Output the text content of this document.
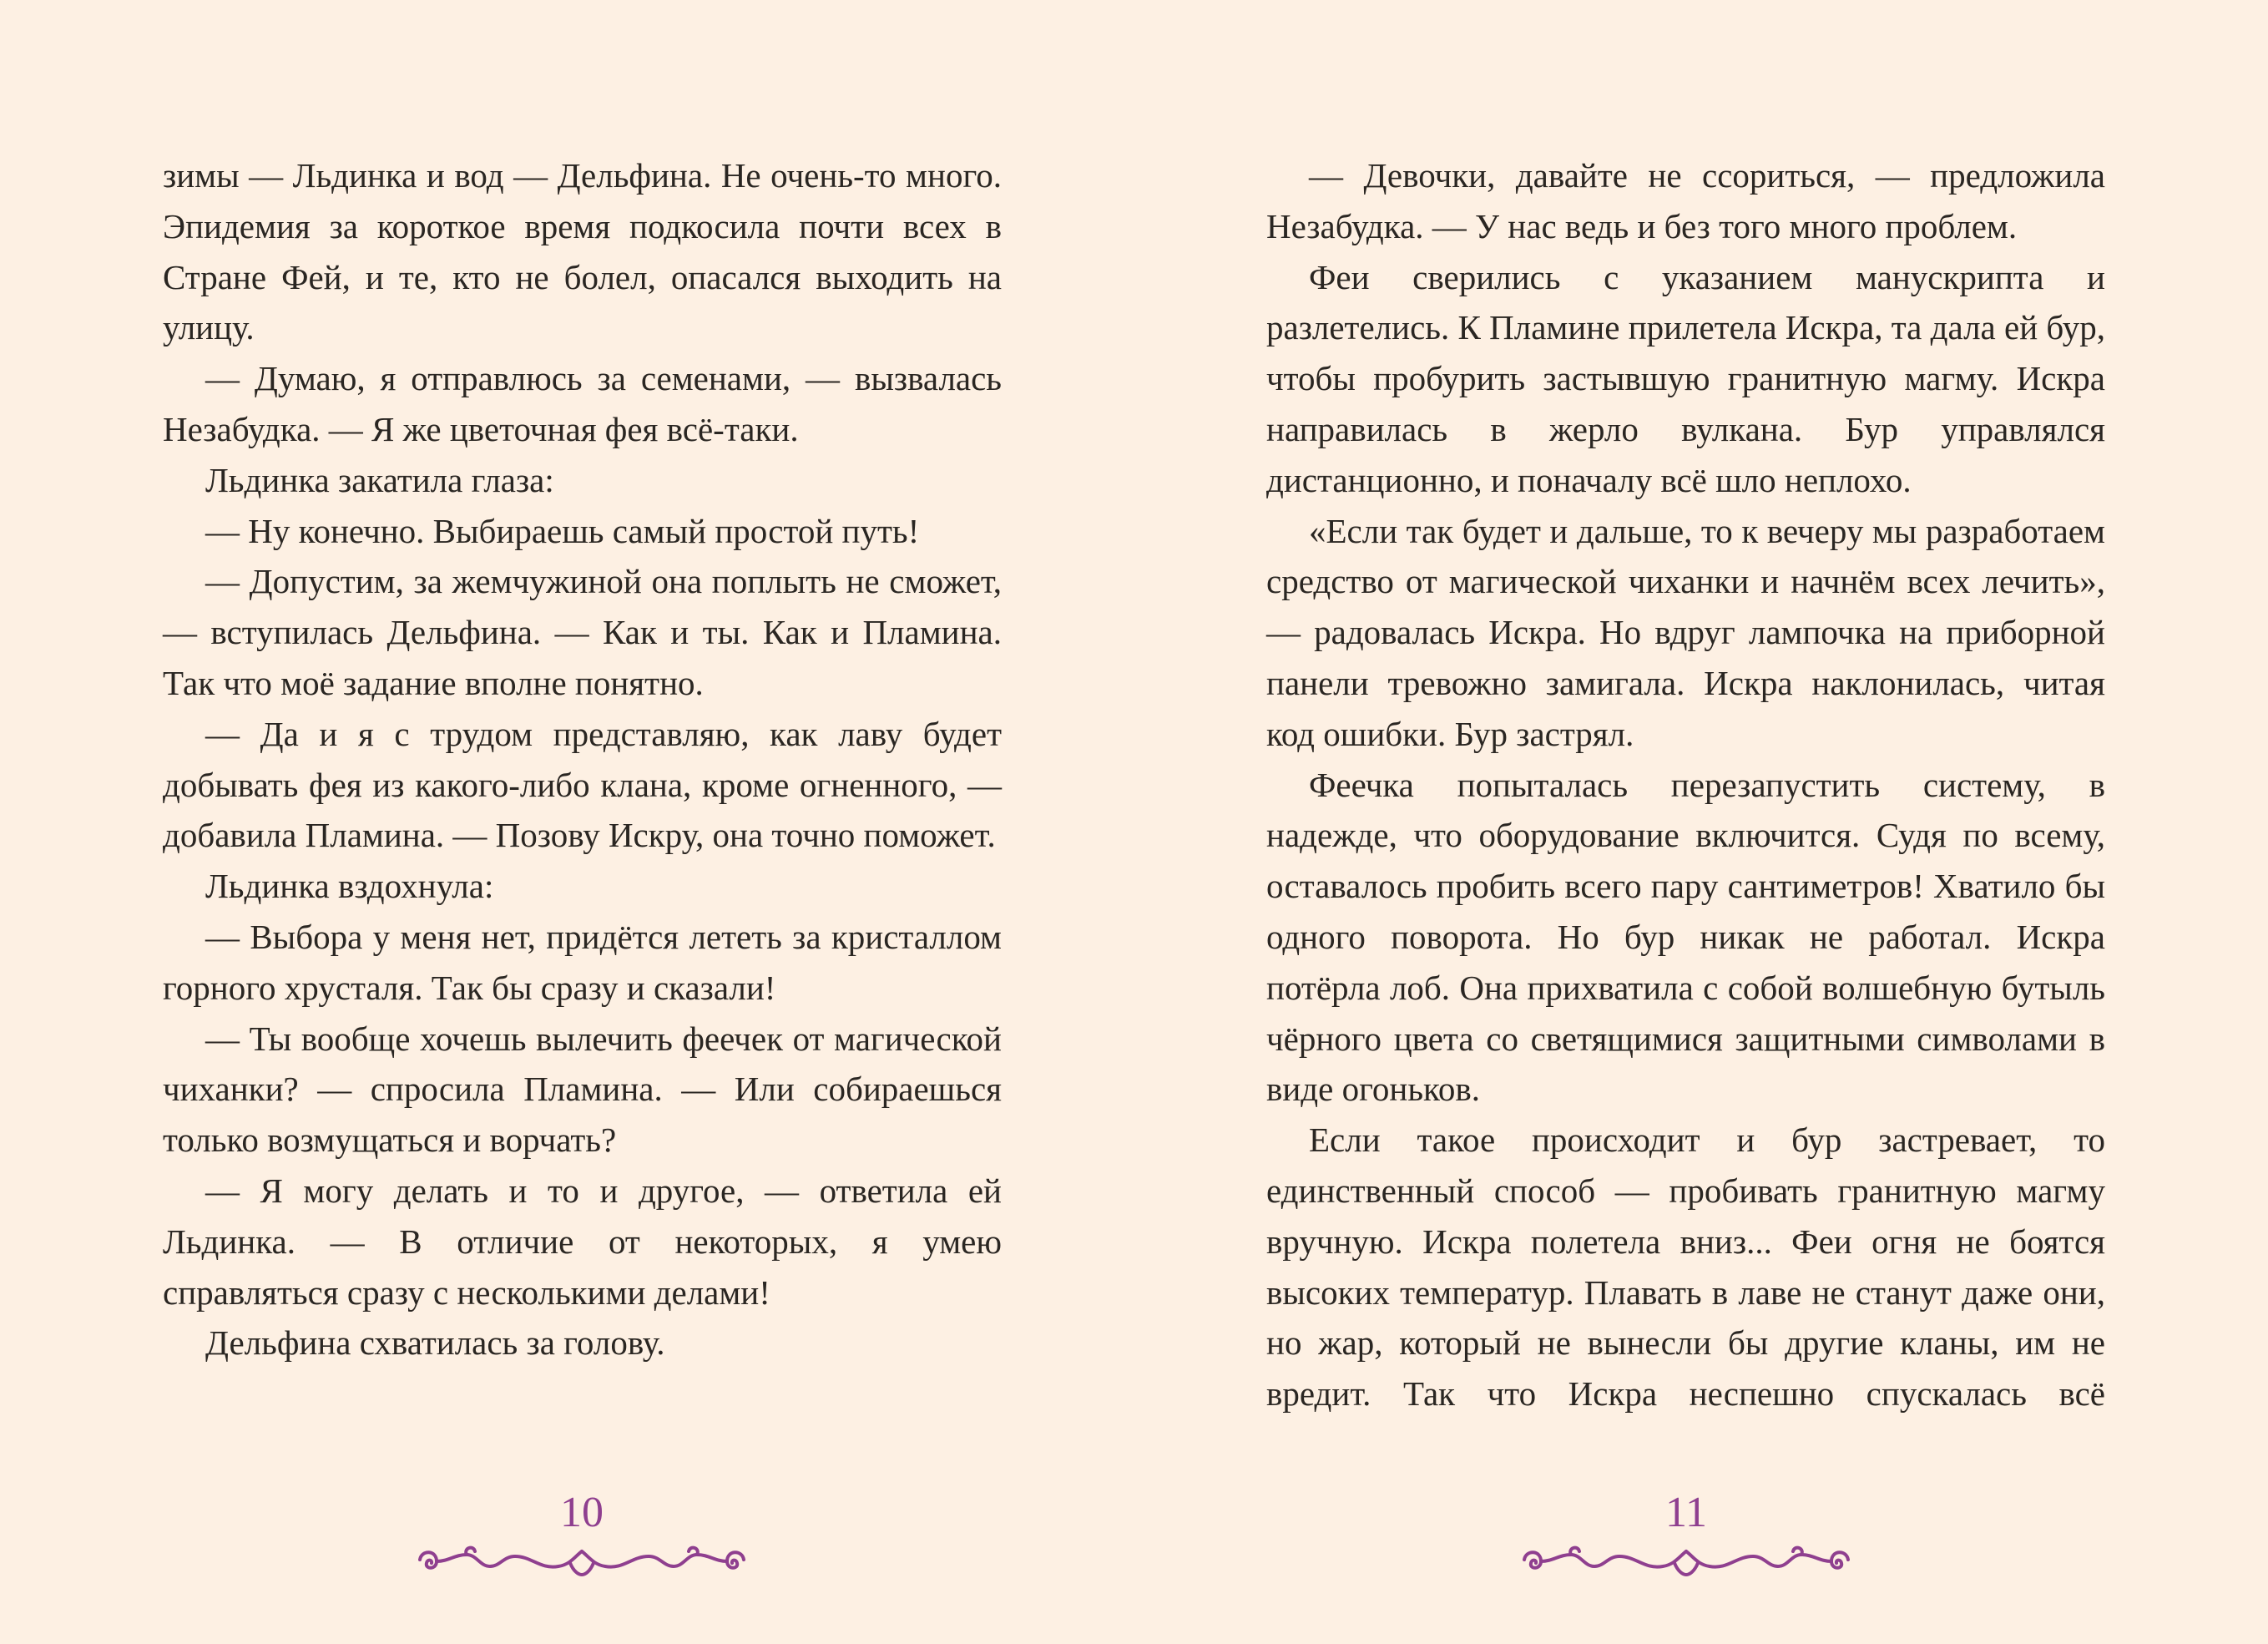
зимы — Льдинка и вод — Дельфина. Не очень-то много. Эпидемия за короткое время подкосила почти всех в Стране Фей, и те, кто не болел, опасался выходить на улицу.

— Думаю, я отправлюсь за семенами, — вызвалась Незабудка. — Я же цветочная фея всё-таки.

Льдинка закатила глаза:

— Ну конечно. Выбираешь самый простой путь!

— Допустим, за жемчужиной она поплыть не сможет, — вступилась Дельфина. — Как и ты. Как и Пламина. Так что моё задание вполне понятно.

— Да и я с трудом представляю, как лаву будет добывать фея из какого-либо клана, кроме огненного, — добавила Пламина. — Позову Искру, она точно поможет.

Льдинка вздохнула:

— Выбора у меня нет, придётся лететь за кристаллом горного хрусталя. Так бы сразу и сказали!

— Ты вообще хочешь вылечить феечек от магической чиханки? — спросила Пламина. — Или собираешься только возмущаться и ворчать?

— Я могу делать и то и другое, — ответила ей Льдинка. — В отличие от некоторых, я умею справляться сразу с несколькими делами!

Дельфина схватилась за голову.

— Девочки, давайте не ссориться, — предложила Незабудка. — У нас ведь и без того много проблем.

Феи сверились с указанием манускрипта и разлетелись. К Пламине прилетела Искра, та дала ей бур, чтобы пробурить застывшую гранитную магму. Искра направилась в жерло вулкана. Бур управлялся дистанционно, и поначалу всё шло неплохо.

«Если так будет и дальше, то к вечеру мы разработаем средство от магической чиханки и начнём всех лечить», — радовалась Искра. Но вдруг лампочка на приборной панели тревожно замигала. Искра наклонилась, читая код ошибки. Бур застрял.

Феечка попыталась перезапустить систему, в надежде, что оборудование включится. Судя по всему, оставалось пробить всего пару сантиметров! Хватило бы одного поворота. Но бур никак не работал. Искра потёрла лоб. Она прихватила с собой волшебную бутыль чёрного цвета со светящимися защитными символами в виде огоньков.

Если такое происходит и бур застревает, то единственный способ — пробивать гранитную магму вручную. Искра полетела вниз... Феи огня не боятся высоких температур. Плавать в лаве не станут даже они, но жар, который не вынесли бы другие кланы, им не вредит. Так что Искра неспешно спускалась всё

10	11
